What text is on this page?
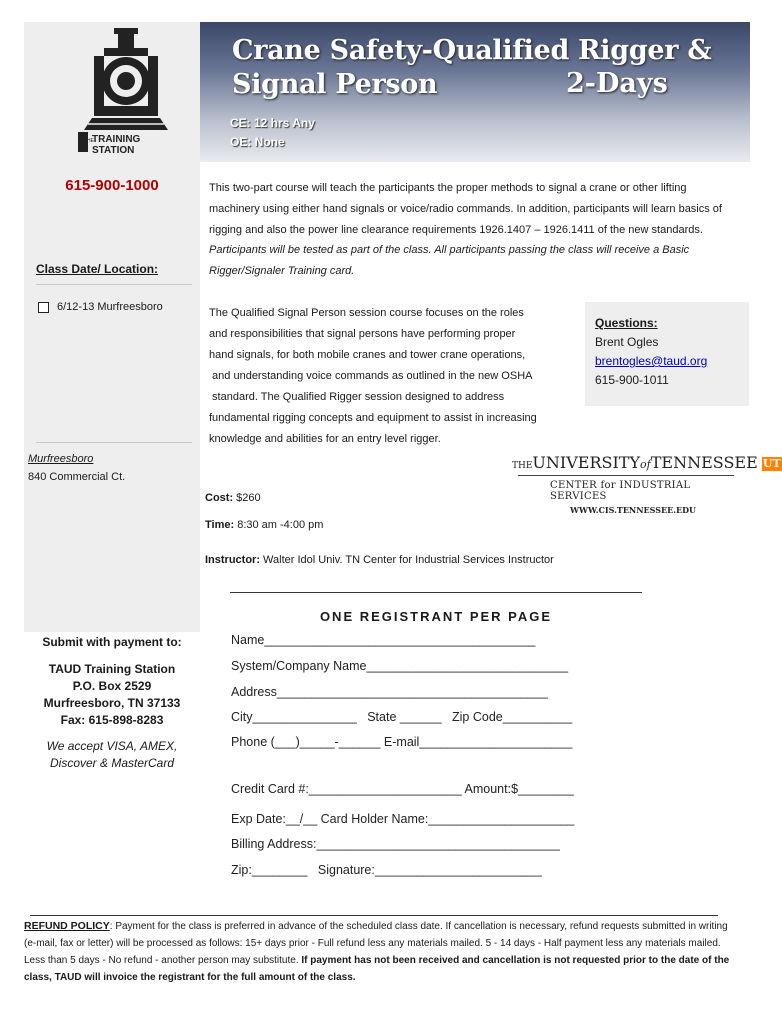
THE
TRAINING
STATION
615-900-1000
Class Date/ Location:
6/12-13 Murfreesboro
Murfreesboro
840 Commercial Ct.
Crane Safety-Qualified Rigger &
Signal Person	2-Days
CE: 12 hrs Any
OE: None
This two-part course will teach the participants the proper methods to signal a crane or other lifting machinery using either hand signals or voice/radio commands. In addition, participants will learn basics of rigging and also the power line clearance requirements 1926.1407 – 1926.1411 of the new standards. Participants will be tested as part of the class. All participants passing the class will receive a Basic Rigger/Signaler Training card.
The Qualified Signal Person session course focuses on the roles
and responsibilities that signal persons have performing proper
hand signals, for both mobile cranes and tower crane operations,
and understanding voice commands as outlined in the new OSHA
standard. The Qualified Rigger session designed to address
fundamental rigging concepts and equipment to assist in increasing
knowledge and abilities for an entry level rigger.
Questions:
Brent Ogles
brentogles@taud.org
615-900-1011
THEUNIVERSITYofTENNESSEE UT
CENTER for INDUSTRIAL SERVICES
WWW.CIS.TENNESSEE.EDU
Cost: $260
Time: 8:30 am -4:00 pm
Instructor: Walter Idol Univ. TN Center for Industrial Services Instructor
ONE REGISTRANT PER PAGE
Submit with payment to:
TAUD Training Station
P.O. Box 2529
Murfreesboro, TN 37133
Fax: 615-898-8283
We accept VISA, AMEX, Discover & MasterCard
Name_______________________________________
System/Company Name_____________________________
Address_______________________________________
City_______________   State ______   Zip Code__________
Phone (___)_____-______ E-mail______________________
Credit Card #:______________________ Amount:$________
Exp Date:__/__ Card Holder Name:_____________________
Billing Address:___________________________________
Zip:________   Signature:________________________
REFUND POLICY: Payment for the class is preferred in advance of the scheduled class date. If cancellation is necessary, refund requests submitted in writing (e-mail, fax or letter) will be processed as follows: 15+ days prior - Full refund less any materials mailed. 5 - 14 days - Half payment less any materials mailed. Less than 5 days - No refund - another person may substitute. If payment has not been received and cancellation is not requested prior to the date of the class, TAUD will invoice the registrant for the full amount of the class.
